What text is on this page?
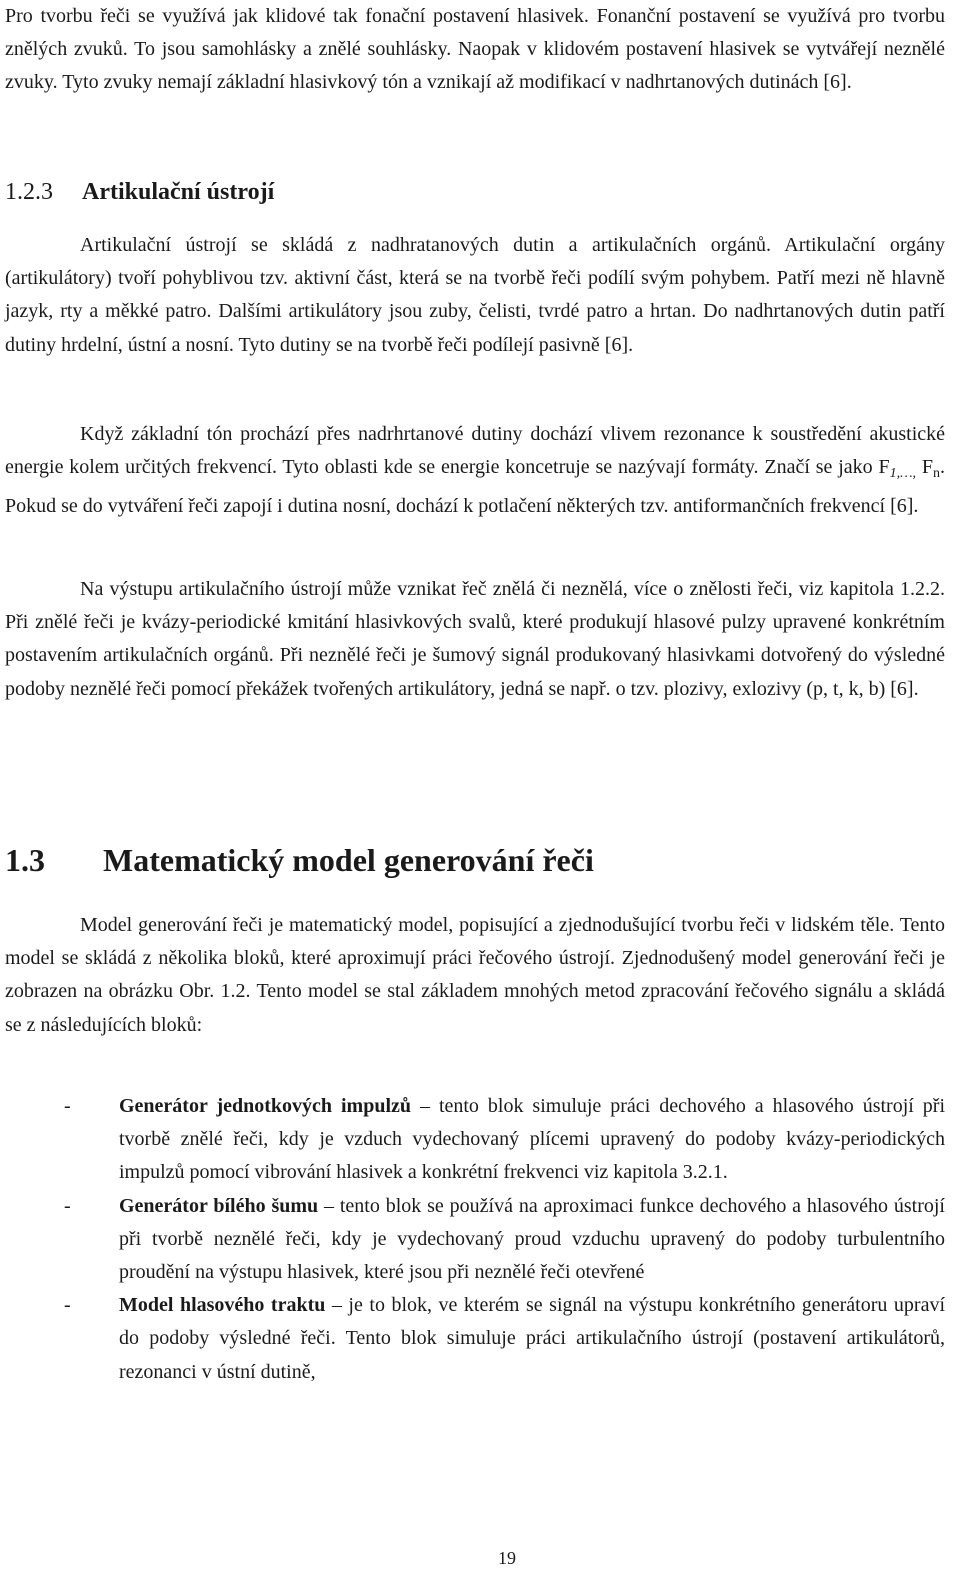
Pro tvorbu řeči se využívá jak klidové tak fonační postavení hlasivek. Fonanční postavení se využívá pro tvorbu znělých zvuků. To jsou samohlásky a znělé souhlásky. Naopak v klidovém postavení hlasivek se vytvářejí neznělé zvuky. Tyto zvuky nemají základní hlasivkový tón a vznikají až modifikací v nadhrtanových dutinách [6].

1.2.3 Artikulační ústrojí

Artikulační ústrojí se skládá z nadhratanových dutin a artikulačních orgánů. Artikulační orgány (artikulátory) tvoří pohyblivou tzv. aktivní část, která se na tvorbě řeči podílí svým pohybem. Patří mezi ně hlavně jazyk, rty a měkké patro. Dalšími artikulátory jsou zuby, čelisti, tvrdé patro a hrtan. Do nadhrtanových dutin patří dutiny hrdelní, ústní a nosní. Tyto dutiny se na tvorbě řeči podílejí pasivně [6].

Když základní tón prochází přes nadrhrtanové dutiny dochází vlivem rezonance k soustředění akustické energie kolem určitých frekvencí. Tyto oblasti kde se energie koncetruje se nazývají formáty. Značí se jako $F_{1,\dots,}$ $F_n$. Pokud se do vytváření řeči zapojí i dutina nosní, dochází k potlačení některých tzv. antiformančních frekvencí [6].

Na výstupu artikulačního ústrojí může vznikat řeč znělá či neznělá, více o znělosti řeči, viz kapitola 1.2.2. Při znělé řeči je kvázy-periodické kmitání hlasivkových svalů, které produkují hlasové pulzy upravené konkrétním postavením artikulačních orgánů. Při neznělé řeči je šumový signál produkovaný hlasivkami dotvořený do výsledné podoby neznělé řeči pomocí překážek tvořených artikulátory, jedná se např. o tzv. plozivy, exlozivy (p, t, k, b) [6].

1.3 Matematický model generování řeči

Model generování řeči je matematický model, popisující a zjednodušující tvorbu řeči v lidském těle. Tento model se skládá z několika bloků, které aproximují práci řečového ústrojí. Zjednodušený model generování řeči je zobrazen na obrázku Obr. 1.2. Tento model se stal základem mnohých metod zpracování řečového signálu a skládá se z následujících bloků:

- Generátor jednotkových impulzů – tento blok simuluje práci dechového a hlasového ústrojí při tvorbě znělé řeči, kdy je vzduch vydechovaný plícemi upravený do podoby kvázy-periodických impulzů pomocí vibrování hlasivek a konkrétní frekvenci viz kapitola 3.2.1.
- Generátor bílého šumu – tento blok se používá na aproximaci funkce dechového a hlasového ústrojí při tvorbě neznělé řeči, kdy je vydechovaný proud vzduchu upravený do podoby turbulentního proudění na výstupu hlasivek, které jsou při neznělé řeči otevřené
- Model hlasového traktu – je to blok, ve kterém se signál na výstupu konkrétního generátoru upraví do podoby výsledné řeči. Tento blok simuluje práci artikulačního ústrojí (postavení artikulátorů, rezonanci v ústní dutině,
19
